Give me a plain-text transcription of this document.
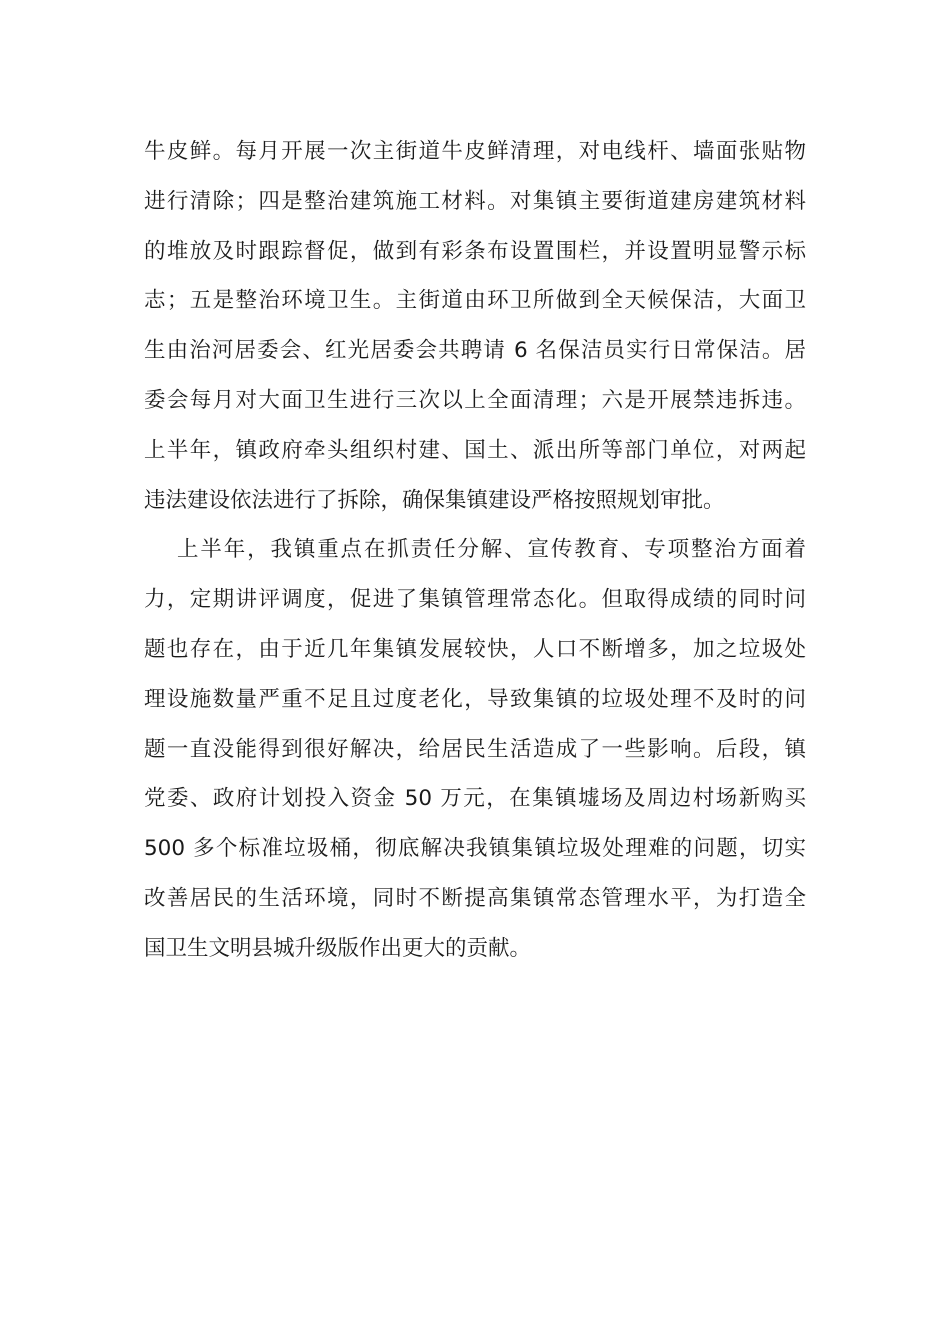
牛皮鲜。每月开展一次主街道牛皮鲜清理，对电线杆、墙面张贴物
进行清除；四是整治建筑施工材料。对集镇主要街道建房建筑材料
的堆放及时跟踪督促，做到有彩条布设置围栏，并设置明显警示标
志；五是整治环境卫生。主街道由环卫所做到全天候保洁，大面卫
生由治河居委会、红光居委会共聘请 6 名保洁员实行日常保洁。居
委会每月对大面卫生进行三次以上全面清理；六是开展禁违拆违。
上半年，镇政府牵头组织村建、国土、派出所等部门单位，对两起
违法建设依法进行了拆除，确保集镇建设严格按照规划审批。
上半年，我镇重点在抓责任分解、宣传教育、专项整治方面着
力，定期讲评调度，促进了集镇管理常态化。但取得成绩的同时问
题也存在，由于近几年集镇发展较快，人口不断增多，加之垃圾处
理设施数量严重不足且过度老化，导致集镇的垃圾处理不及时的问
题一直没能得到很好解决，给居民生活造成了一些影响。后段，镇
党委、政府计划投入资金 50 万元，在集镇墟场及周边村场新购买
500 多个标准垃圾桶，彻底解决我镇集镇垃圾处理难的问题，切实
改善居民的生活环境，同时不断提高集镇常态管理水平，为打造全
国卫生文明县城升级版作出更大的贡献。
